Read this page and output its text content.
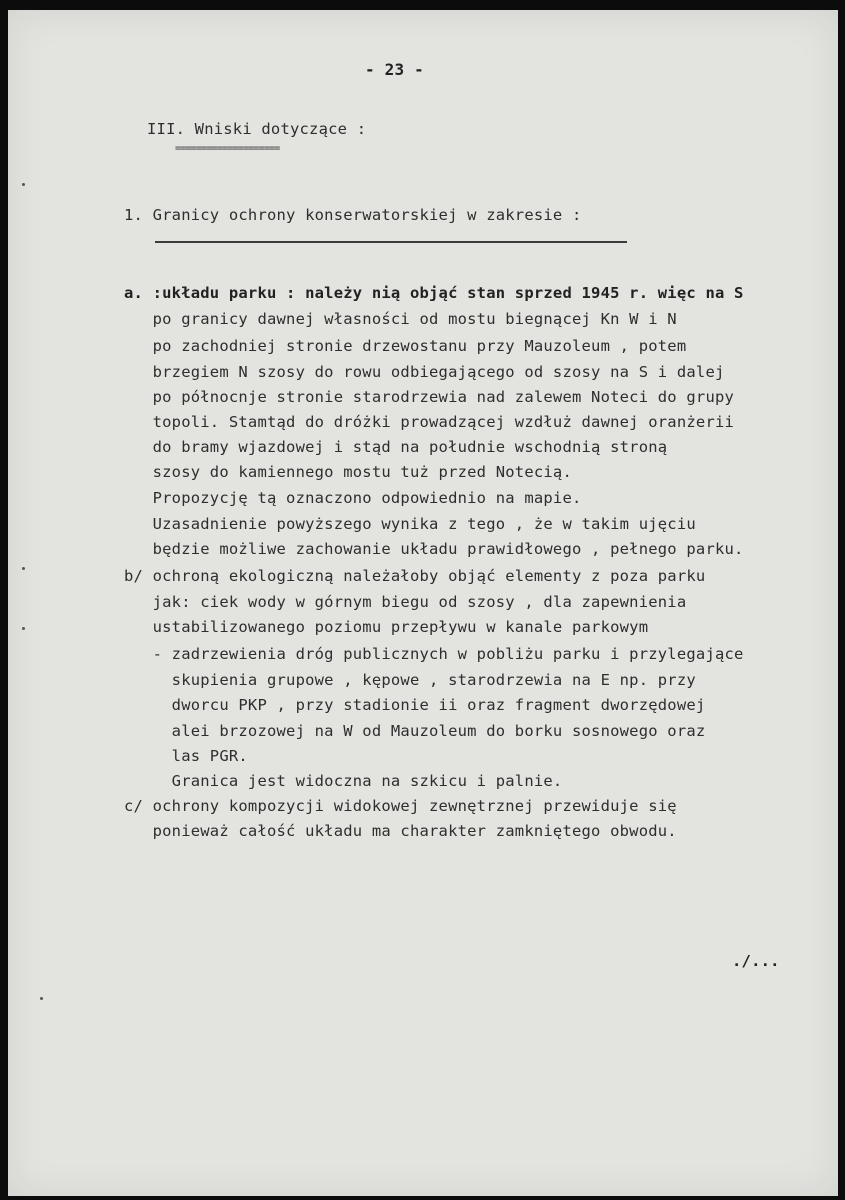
- 23 -
III. Wniski dotyczące :
====================
1. Granicy ochrony konserwatorskiej w zakresie :
a. :układu parku : należy nią objąć stan sprzed 1945 r. więc na S
po granicy dawnej własności od mostu biegnącej Kn W i N
po zachodniej stronie drzewostanu przy Mauzoleum , potem
brzegiem N szosy do rowu odbiegającego od szosy na S i dalej
po północnje stronie starodrzewia nad zalewem Noteci do grupy
topoli. Stamtąd do dróżki prowadzącej wzdłuż dawnej oranżerii
do bramy wjazdowej i stąd na południe wschodnią stroną
szosy do kamiennego mostu tuż przed Notecią.
Propozycję tą oznaczono odpowiednio na mapie.
Uzasadnienie powyższego wynika z tego , że w takim ujęciu
będzie możliwe zachowanie układu prawidłowego , pełnego parku.
b/ ochroną ekologiczną należałoby objąć elementy z poza parku
jak: ciek wody w górnym biegu od szosy , dla zapewnienia
ustabilizowanego poziomu przepływu w kanale parkowym
- zadrzewienia dróg publicznych w pobliżu parku i przylegające
skupienia grupowe , kępowe , starodrzewia na E np. przy
dworcu PKP , przy stadionie ii oraz fragment dworzędowej
alei brzozowej na W od Mauzoleum do borku sosnowego oraz
las PGR.
Granica jest widoczna na szkicu i palnie.
c/ ochrony kompozycji widokowej zewnętrznej przewiduje się
ponieważ całość układu ma charakter zamkniętego obwodu.
./...
